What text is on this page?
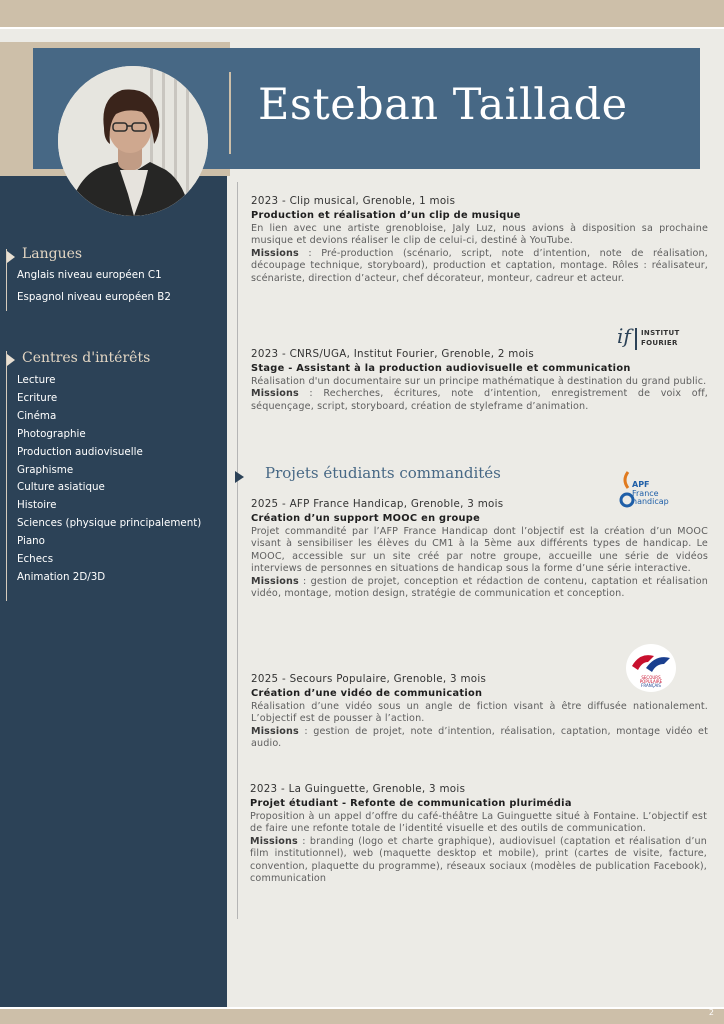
2
Esteban Taillade
Langues
Anglais niveau européen C1
Espagnol niveau européen B2
Centres d'intérêts
Lecture
Ecriture
Cinéma
Photographie
Production audiovisuelle
Graphisme
Culture asiatique
Histoire
Sciences (physique principalement)
Piano
Echecs
Animation 2D/3D
2023 - Clip musical, Grenoble, 1 mois
Production et réalisation d’un clip de musique

En lien avec une artiste grenobloise, Jaly Luz, nous avions à disposition sa prochaine musique et devions réaliser le clip de celui-ci, destiné à YouTube.

Missions : Pré-production (scénario, script, note d’intention, note de réalisation, découpage technique, storyboard), production et captation, montage. Rôles : réalisateur, scénariste, direction d’acteur, chef décorateur, monteur, cadreur et acteur.

if INSTITUT
FOURIER
2023 - CNRS/UGA, Institut Fourier, Grenoble, 2 mois
Stage - Assistant à la production audiovisuelle et communication

Réalisation d'un documentaire sur un principe mathématique à destination du grand public.

Missions : Recherches, écritures, note d’intention, enregistrement de voix off, séquençage, script, storyboard, création de styleframe d’animation.

Projets étudiants commandités
APF
France
handicap
2025 - AFP France Handicap, Grenoble, 3 mois
Création d’un support MOOC en groupe

Projet commandité par l’AFP France Handicap dont l’objectif est la création d’un MOOC visant à sensibiliser les élèves du CM1 à la 5ème aux différents types de handicap. Le MOOC, accessible sur un site créé par notre groupe, accueille une série de vidéos interviews de personnes en situations de handicap sous la forme d’une série interactive.

Missions : gestion de projet, conception et rédaction de contenu, captation et réalisation vidéo, montage, motion design, stratégie de communication et conception.

SECOURS
POPULAIRE
FRANÇAIS
2025 - Secours Populaire, Grenoble, 3 mois
Création d’une vidéo de communication

Réalisation d’une vidéo sous un angle de fiction visant à être diffusée nationalement. L’objectif est de pousser à l’action.

Missions : gestion de projet, note d’intention, réalisation, captation, montage vidéo et audio.

2023 - La Guinguette, Grenoble, 3 mois
Projet étudiant - Refonte de communication plurimédia

Proposition à un appel d’offre du café-théâtre La Guinguette situé à Fontaine. L’objectif est de faire une refonte totale de l’identité visuelle et des outils de communication.

Missions : branding (logo et charte graphique), audiovisuel (captation et réalisation d’un film institutionnel), web (maquette desktop et mobile), print (cartes de visite, facture, convention, plaquette du programme), réseaux sociaux (modèles de publication Facebook), communication
